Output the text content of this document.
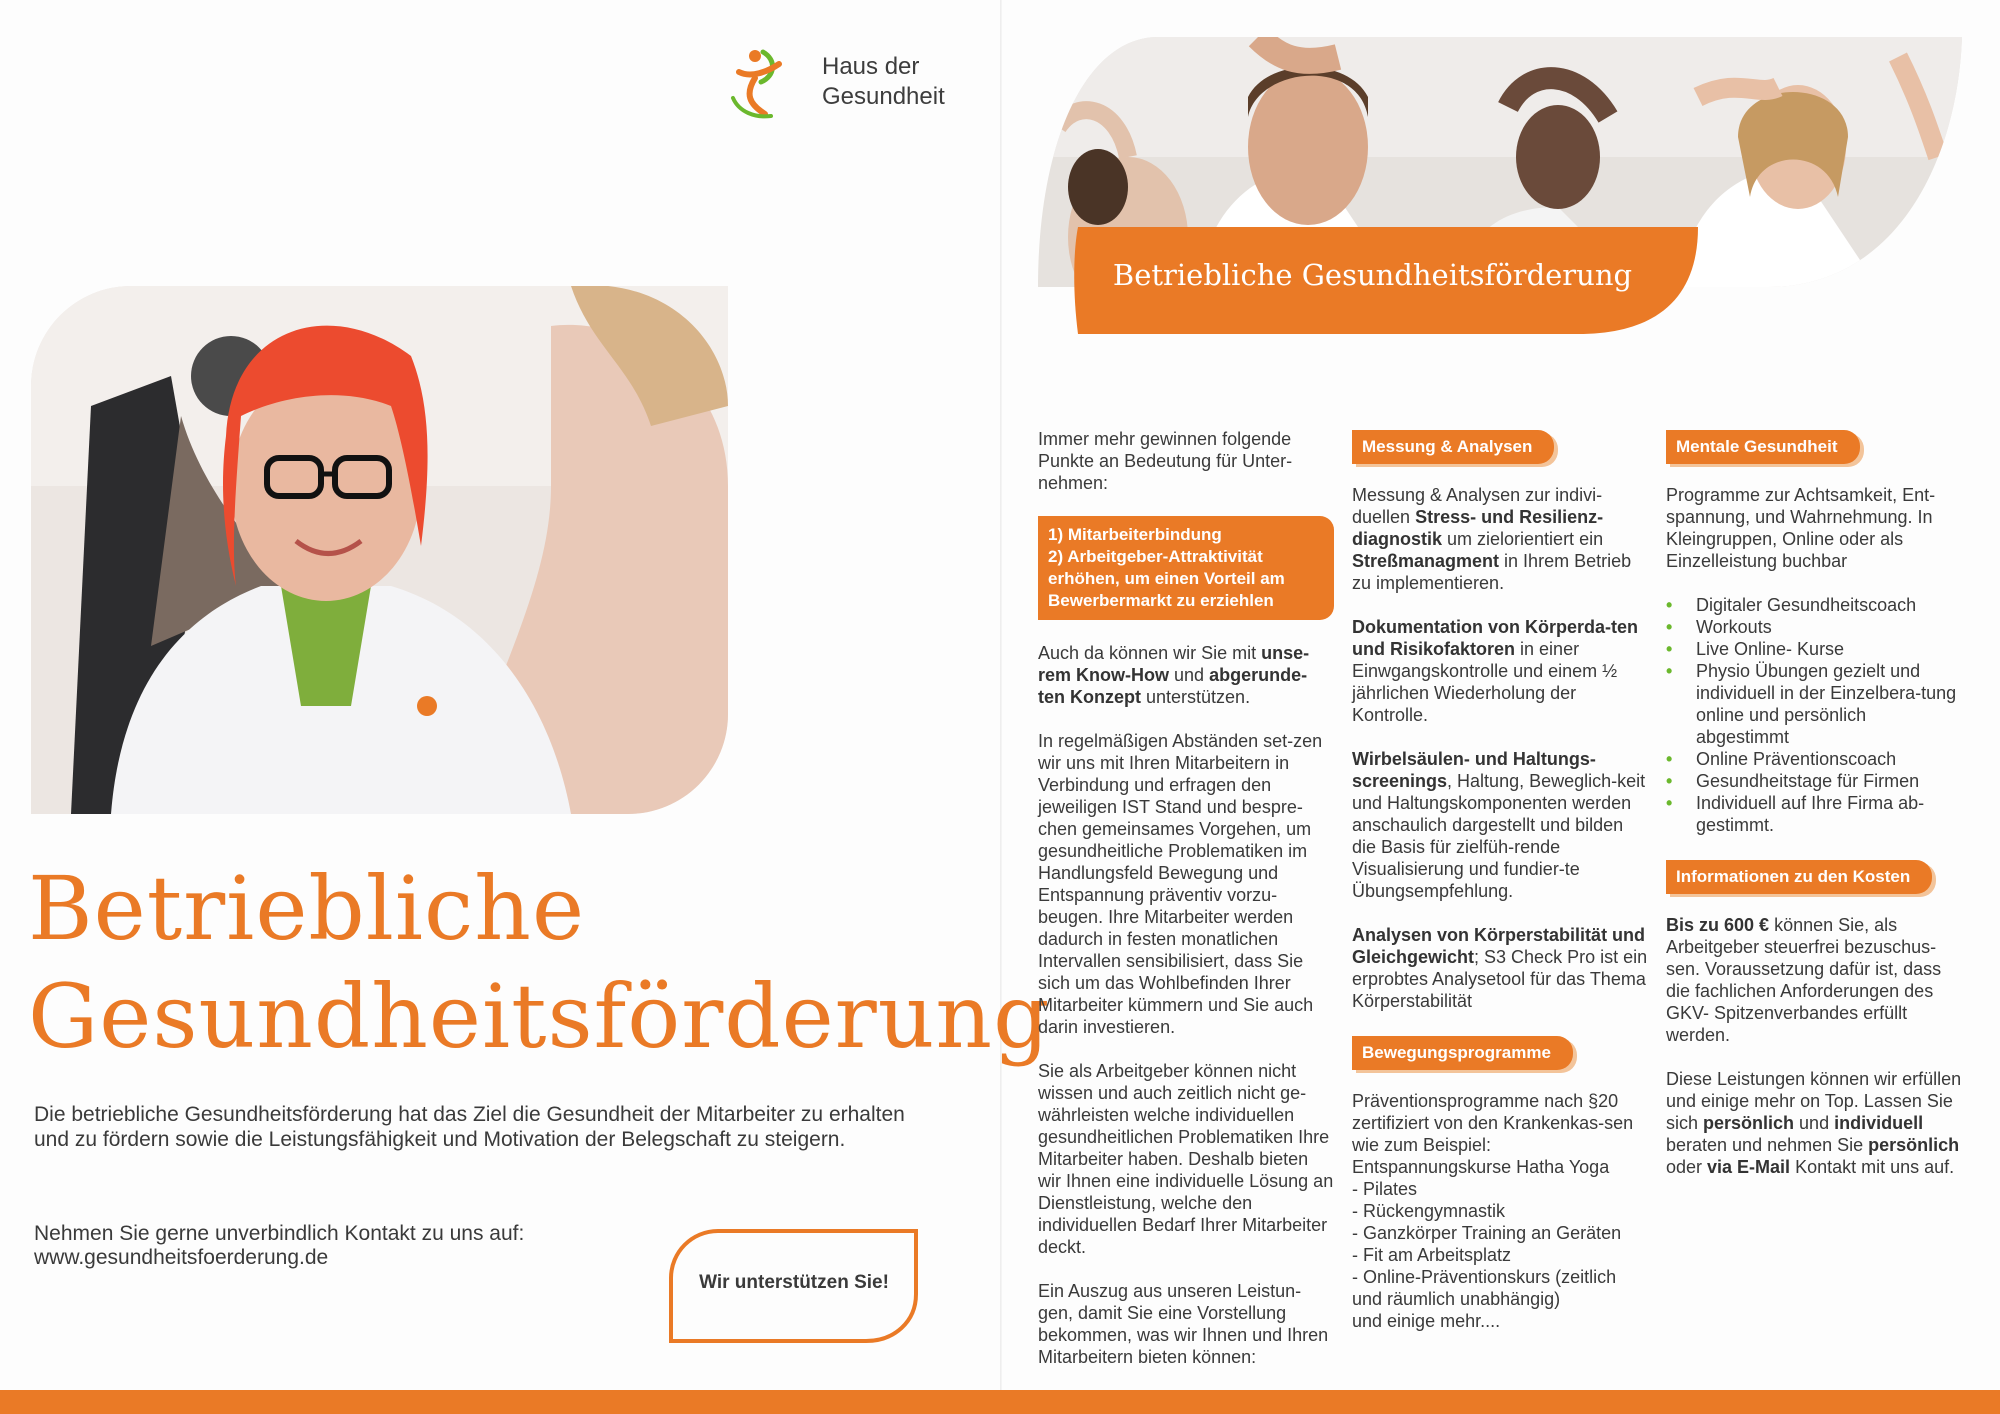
Haus der
Gesundheit
Betriebliche
Gesundheitsförderung
Die betriebliche Gesundheitsförderung hat das Ziel die Gesundheit der Mitarbeiter zu erhalten
und zu fördern sowie die Leistungsfähigkeit und Motivation der Belegschaft zu steigern.
Nehmen Sie gerne unverbindlich Kontakt zu uns auf:
www.gesundheitsfoerderung.de
Wir unterstützen Sie!
Betriebliche Gesundheitsförderung

Immer mehr gewinnen folgende Punkte an Bedeutung für Unter-nehmen:

1) Mitarbeiterbindung
2) Arbeitgeber-Attraktivität erhöhen, um einen Vorteil am Bewerbermarkt zu erziehlen

Auch da können wir Sie mit unse-rem Know-How und abgerunde-ten Konzept unterstützen.

In regelmäßigen Abständen set-zen wir uns mit Ihren Mitarbeitern in Verbindung und erfragen den jeweiligen IST Stand und bespre-chen gemeinsames Vorgehen, um gesundheitliche Problematiken im Handlungsfeld Bewegung und Entspannung präventiv vorzu-beugen. Ihre Mitarbeiter werden dadurch in festen monatlichen Intervallen sensibilisiert, dass Sie sich um das Wohlbefinden Ihrer Mitarbeiter kümmern und Sie auch darin investieren.

Sie als Arbeitgeber können nicht wissen und auch zeitlich nicht ge-währleisten welche individuellen gesundheitlichen Problematiken Ihre Mitarbeiter haben. Deshalb bieten wir Ihnen eine individuelle Lösung an Dienstleistung, welche den individuellen Bedarf Ihrer Mitarbeiter deckt.

Ein Auszug aus unseren Leistun-gen, damit Sie eine Vorstellung bekommen, was wir Ihnen und Ihren Mitarbeitern bieten können:

Messung & Analysen

Messung & Analysen zur indivi-duellen Stress- und Resilienz-diagnostik um zielorientiert ein Streßmanagment in Ihrem Betrieb zu implementieren.

Dokumentation von Körperda-ten und Risikofaktoren in einer Einwgangskontrolle und einem ½ jährlichen Wiederholung der Kontrolle.

Wirbelsäulen- und Haltungs-screenings, Haltung, Beweglich-keit und Haltungskomponenten werden anschaulich dargestellt und bilden die Basis für zielfüh-rende Visualisierung und fundier-te Übungsempfehlung.

Analysen von Körperstabilität und Gleichgewicht; S3 Check Pro ist ein erprobtes Analysetool für das Thema Körperstabilität

Bewegungsprogramme
Präventionsprogramme nach §20 zertifiziert von den Krankenkas-sen wie zum Beispiel:
Entspannungskurse Hatha Yoga
- Pilates
- Rückengymnastik
- Ganzkörper Training an Geräten
- Fit am Arbeitsplatz
- Online-Präventionskurs (zeitlich und räumlich unabhängig)
und einige mehr....
Mentale Gesundheit

Programme zur Achtsamkeit, Ent-spannung, und Wahrnehmung. In Kleingruppen, Online oder als Einzelleistung buchbar

• Digitaler Gesundheitscoach
• Workouts
• Live Online- Kurse
• Physio Übungen gezielt und individuell in der Einzelbera-tung online und persönlich abgestimmt
• Online Präventionscoach
• Gesundheitstage für Firmen
• Individuell auf Ihre Firma ab-gestimmt.
Informationen zu den Kosten

Bis zu 600 € können Sie, als Arbeitgeber steuerfrei bezuschus-sen. Voraussetzung dafür ist, dass die fachlichen Anforderungen des GKV- Spitzenverbandes erfüllt werden.

Diese Leistungen können wir erfüllen und einige mehr on Top. Lassen Sie sich persönlich und individuell beraten und nehmen Sie persönlich oder via E-Mail Kontakt mit uns auf.
